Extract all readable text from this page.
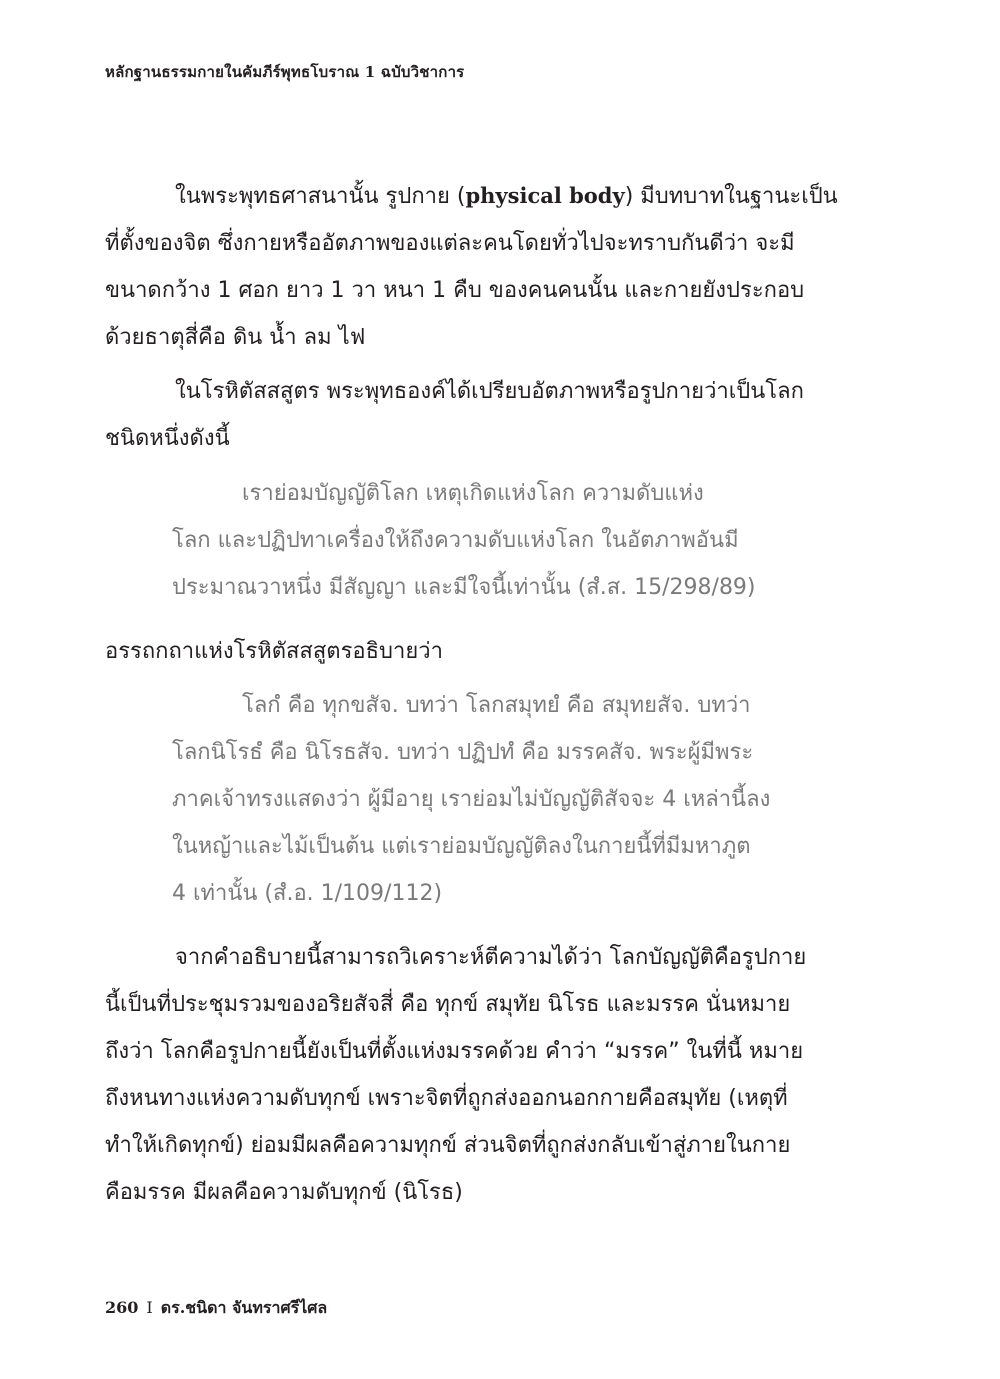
หลักฐานธรรมกายในคัมภีร์พุทธโบราณ 1 ฉบับวิชาการ
ในพระพุทธศาสนานั้น รูปกาย (physical body) มีบทบาทในฐานะเป็น
ที่ตั้งของจิต ซึ่งกายหรืออัตภาพของแต่ละคนโดยทั่วไปจะทราบกันดีว่า จะมี
ขนาดกว้าง 1 ศอก ยาว 1 วา หนา 1 คืบ ของคนคนนั้น และกายยังประกอบ
ด้วยธาตุสี่คือ ดิน น้ำ ลม ไฟ
ในโรหิตัสสสูตร พระพุทธองค์ได้เปรียบอัตภาพหรือรูปกายว่าเป็นโลก
ชนิดหนึ่งดังนี้
เราย่อมบัญญัติโลก เหตุเกิดแห่งโลก ความดับแห่ง
โลก และปฏิปทาเครื่องให้ถึงความดับแห่งโลก ในอัตภาพอันมี
ประมาณวาหนึ่ง มีสัญญา และมีใจนี้เท่านั้น (สํ.ส. 15/298/89)
อรรถกถาแห่งโรหิตัสสสูตรอธิบายว่า
โลกํ คือ ทุกขสัจ. บทว่า โลกสมุทยํ คือ สมุทยสัจ. บทว่า
โลกนิโรธํ คือ นิโรธสัจ. บทว่า ปฏิปทํ คือ มรรคสัจ. พระผู้มีพระ
ภาคเจ้าทรงแสดงว่า ผู้มีอายุ เราย่อมไม่บัญญัติสัจจะ 4 เหล่านี้ลง
ในหญ้าและไม้เป็นต้น แต่เราย่อมบัญญัติลงในกายนี้ที่มีมหาภูต
4 เท่านั้น (สํ.อ. 1/109/112)
จากคำอธิบายนี้สามารถวิเคราะห์ตีความได้ว่า โลกบัญญัติคือรูปกาย
นี้เป็นที่ประชุมรวมของอริยสัจสี่ คือ ทุกข์ สมุทัย นิโรธ และมรรค นั่นหมาย
ถึงว่า โลกคือรูปกายนี้ยังเป็นที่ตั้งแห่งมรรคด้วย คำว่า “มรรค” ในที่นี้ หมาย
ถึงหนทางแห่งความดับทุกข์ เพราะจิตที่ถูกส่งออกนอกกายคือสมุทัย (เหตุที่
ทำให้เกิดทุกข์) ย่อมมีผลคือความทุกข์ ส่วนจิตที่ถูกส่งกลับเข้าสู่ภายในกาย
คือมรรค มีผลคือความดับทุกข์ (นิโรธ)
260 I ดร.ชนิดา จันทราศรีไศล
